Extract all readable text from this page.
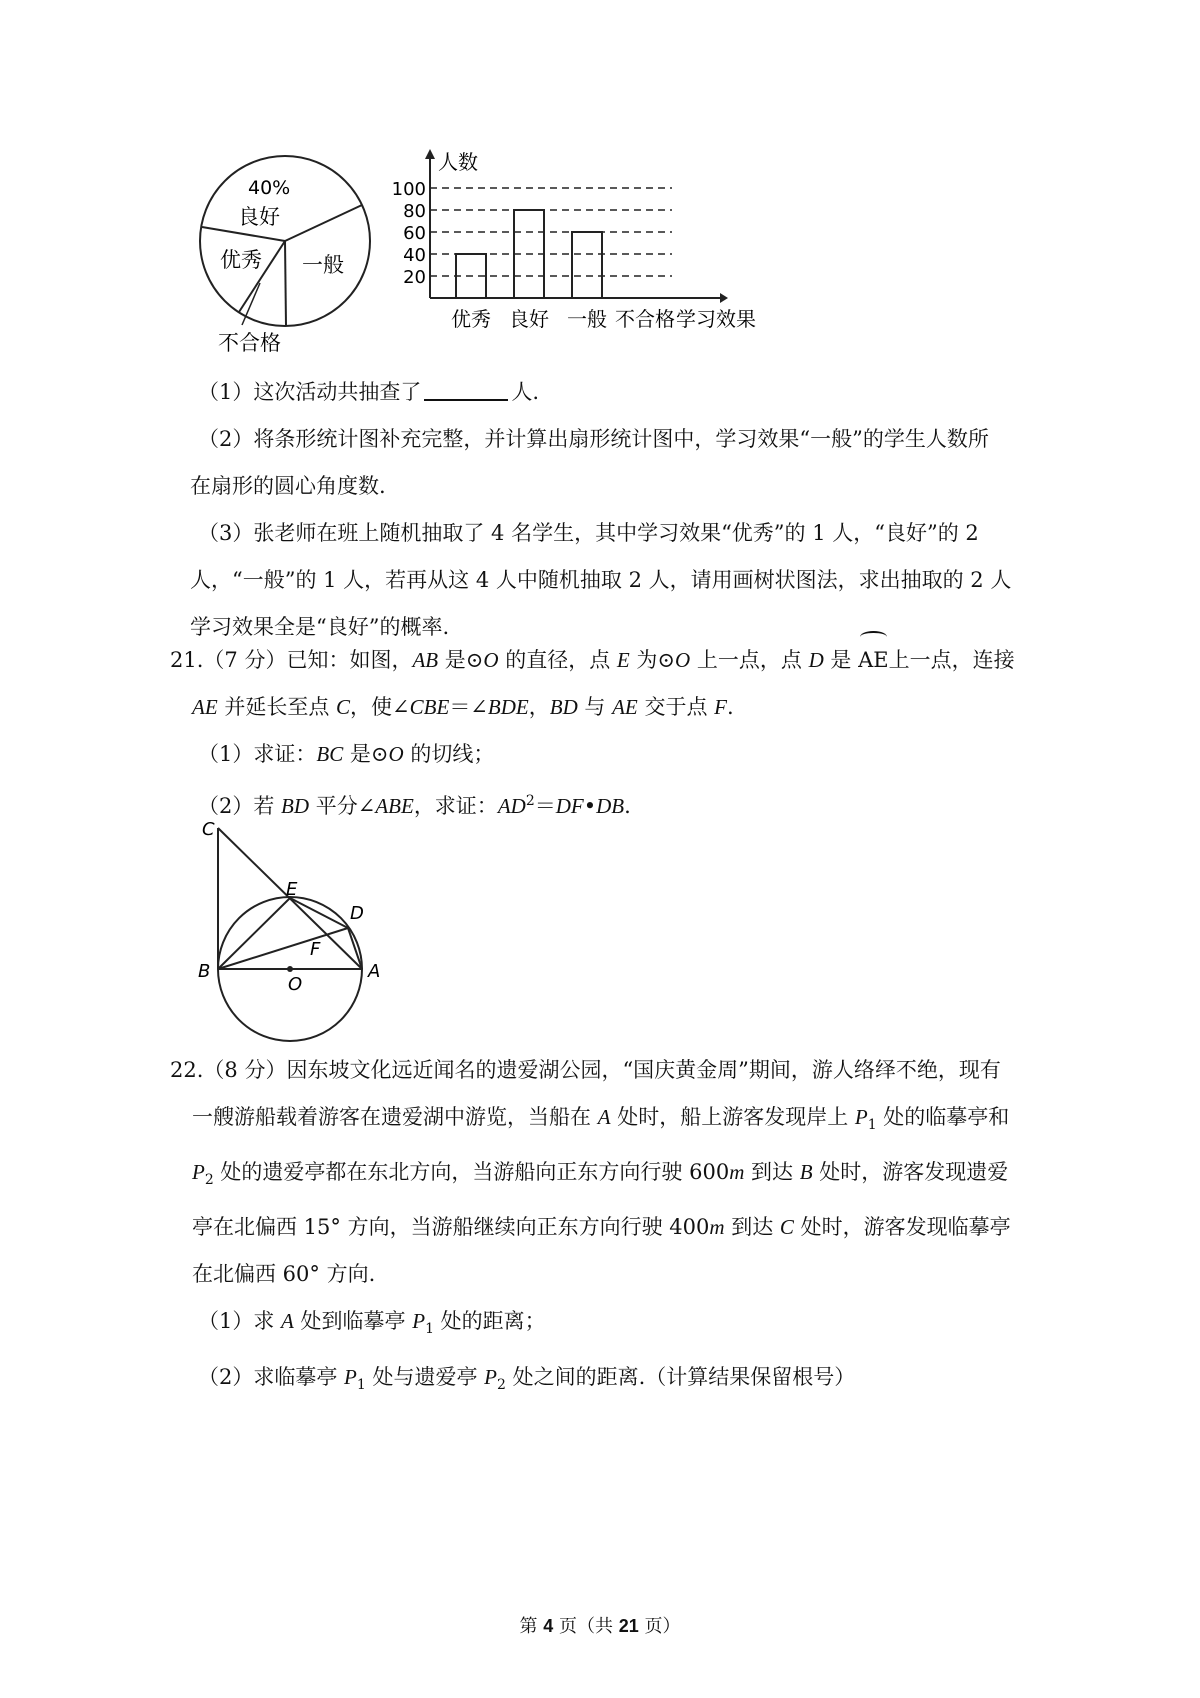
40%
良好
一般
优秀
不合格
20
40
60
80
100
优秀 良好 一般 不合格
人数
学习效果
（1）这次活动共抽查了	人.
（2）将条形统计图补充完整，并计算出扇形统计图中，学习效果“一般”的学生人数所
在扇形的圆心角度数.
（3）张老师在班上随机抽取了 4 名学生，其中学习效果“优秀”的 1 人，“良好”的 2
人，“一般”的 1 人，若再从这 4 人中随机抽取 2 人，请用画树状图法，求出抽取的 2 人
学习效果全是“良好”的概率.
21.（7 分）已知：如图，AB 是⊙O 的直径，点 E 为⊙O 上一点，点 D 是 AE上一点，连接
AE 并延长至点 C，使∠CBE＝∠BDE，BD 与 AE 交于点 F.
（1）求证：BC 是⊙O 的切线；
（2）若 BD 平分∠ABE，求证：$AD^2=DF•DB$.
C
E
D
F
B
O
A
22.（8 分）因东坡文化远近闻名的遗爱湖公园，“国庆黄金周”期间，游人络绎不绝，现有
一艘游船载着游客在遗爱湖中游览，当船在 A 处时，船上游客发现岸上 $P_1$ 处的临摹亭和
$P_2$ 处的遗爱亭都在东北方向，当游船向正东方向行驶 600m 到达 B 处时，游客发现遗爱
亭在北偏西 15° 方向，当游船继续向正东方向行驶 400m 到达 C 处时，游客发现临摹亭
在北偏西 60° 方向.
（1）求 A 处到临摹亭 $P_1$ 处的距离；
（2）求临摹亭 $P_1$ 处与遗爱亭 $P_2$ 处之间的距离.（计算结果保留根号）
第 4 页（共 21 页）
